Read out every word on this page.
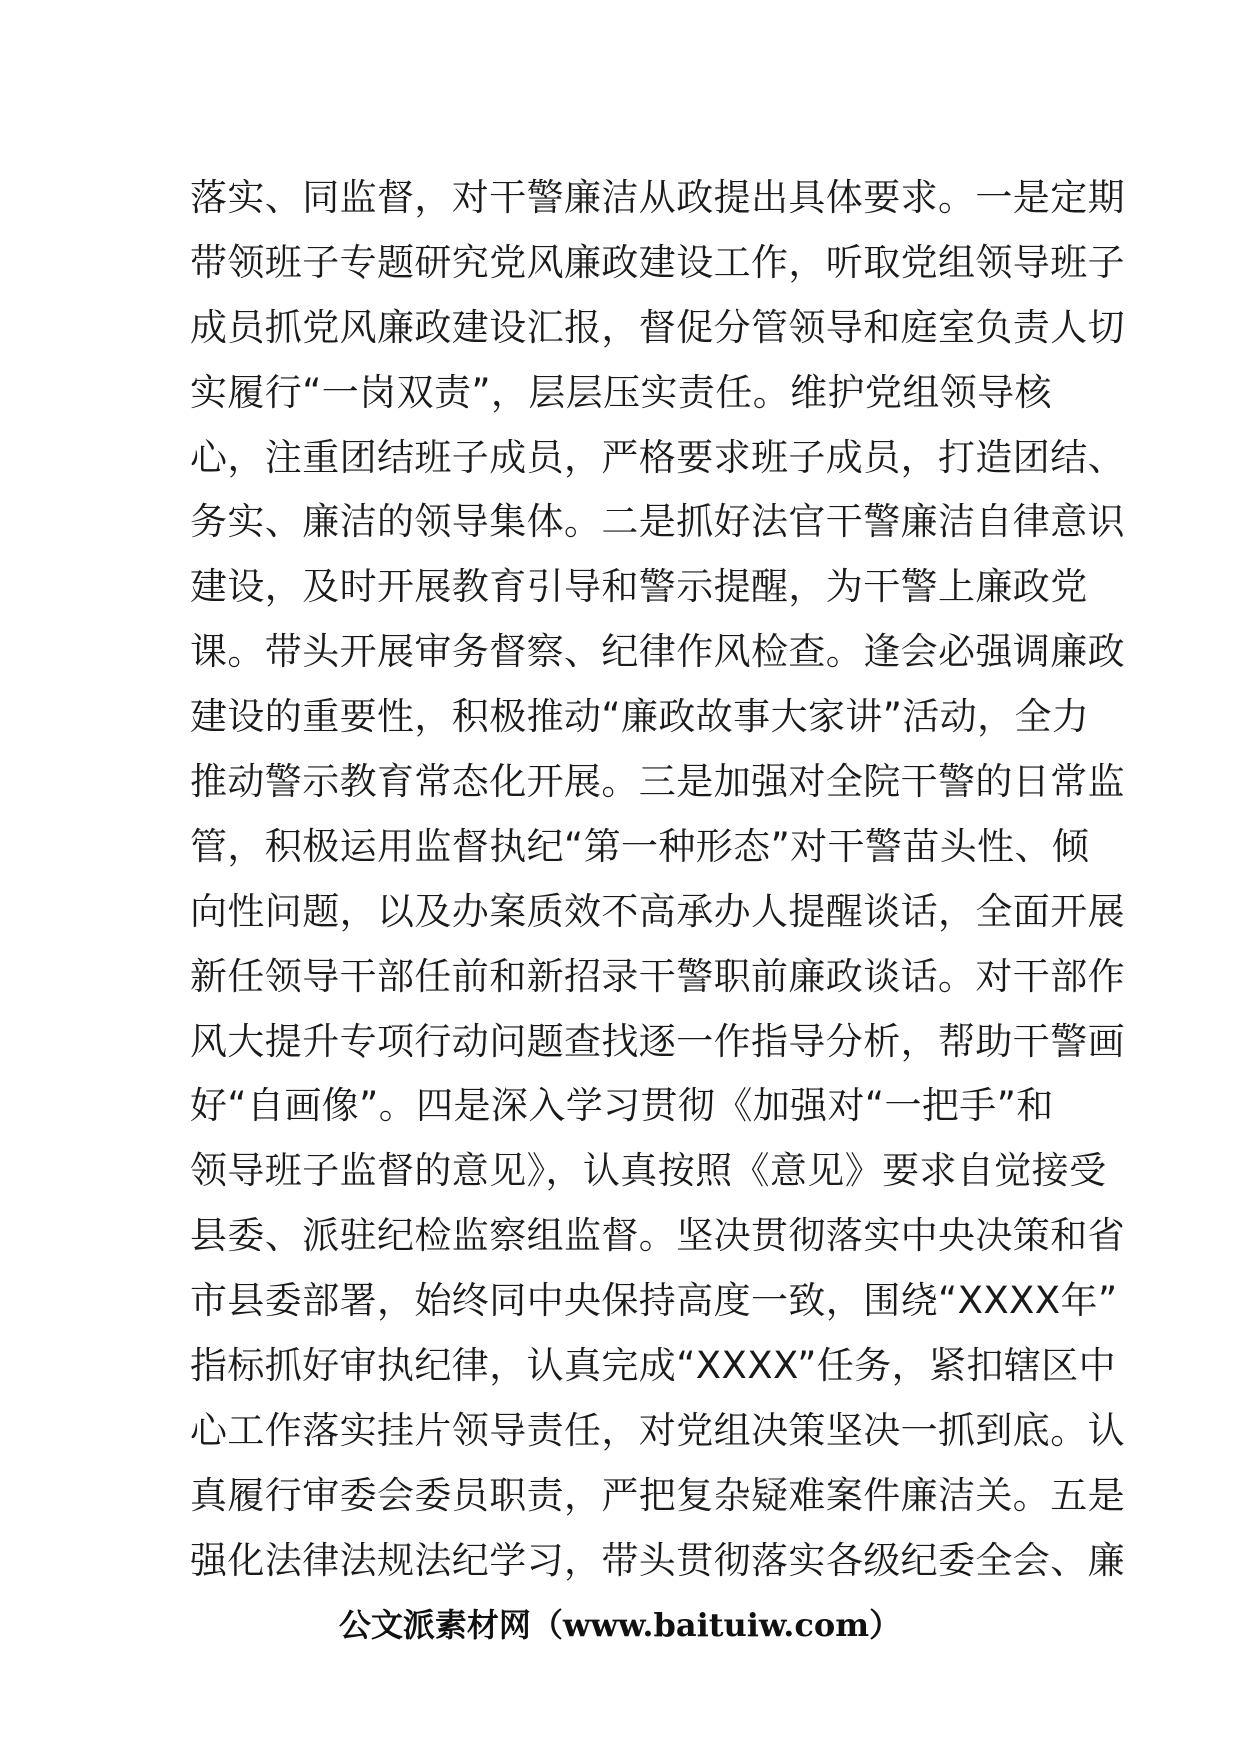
落实、同监督，对干警廉洁从政提出具体要求。一是定期
带领班子专题研究党风廉政建设工作，听取党组领导班子
成员抓党风廉政建设汇报，督促分管领导和庭室负责人切
实履行“一岗双责”，层层压实责任。维护党组领导核
心，注重团结班子成员，严格要求班子成员，打造团结、
务实、廉洁的领导集体。二是抓好法官干警廉洁自律意识
建设，及时开展教育引导和警示提醒，为干警上廉政党
课。带头开展审务督察、纪律作风检查。逢会必强调廉政
建设的重要性，积极推动“廉政故事大家讲”活动，全力
推动警示教育常态化开展。三是加强对全院干警的日常监
管，积极运用监督执纪“第一种形态”对干警苗头性、倾
向性问题，以及办案质效不高承办人提醒谈话，全面开展
新任领导干部任前和新招录干警职前廉政谈话。对干部作
风大提升专项行动问题查找逐一作指导分析，帮助干警画
好“自画像”。四是深入学习贯彻《加强对“一把手”和
领导班子监督的意见》，认真按照《意见》要求自觉接受
县委、派驻纪检监察组监督。坚决贯彻落实中央决策和省
市县委部署，始终同中央保持高度一致，围绕“XXXX年”
指标抓好审执纪律，认真完成“XXXX”任务，紧扣辖区中
心工作落实挂片领导责任，对党组决策坚决一抓到底。认
真履行审委会委员职责，严把复杂疑难案件廉洁关。五是
强化法律法规法纪学习，带头贯彻落实各级纪委全会、廉
公文派素材网（www.baituiw.com）
